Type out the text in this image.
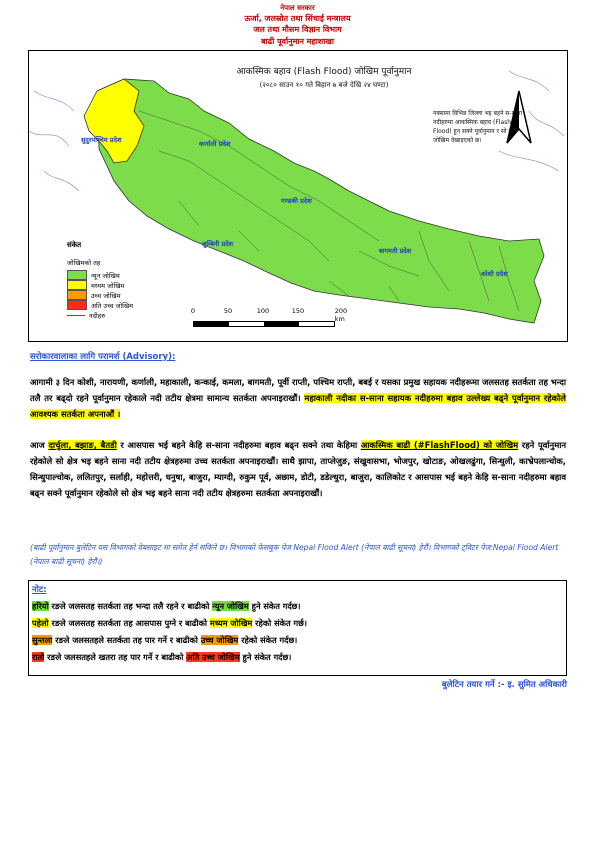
नेपाल सरकार
ऊर्जा, जलस्रोत तथा सिंचाई मन्त्रालय
जल तथा मौसम विज्ञान विभाग
बाढी पूर्वानुमान महाशाखा
आकस्मिक बहाव (Flash Flood) जोखिम पूर्वानुमान
(२०८० साउन १० गते बिहान ७ बजे देखि २४ घण्टा)
नक्सामा विभिन्न जिल्ला भइ बहने स-साना नदीहरुमा आकस्मिक बहाव (Flash Flood) हुन सक्ने पूर्वानुमान र सो को जोखिम देखाइएको छ।
सुदुरपश्चिम प्रदेश	कर्णाली प्रदेश
गण्डकी प्रदेश
लुम्बिनी प्रदेश
बागमती प्रदेश
कोशी प्रदेश
संकेत
जोखिमको तह
न्यून जोखिम
मध्यम जोखिम
उच्च जोखिम
अति उच्च जोखिम
नदीहरु
0	50	100	150	200 km
सरोकारवालाका लागि परामर्श (Advisory):
आगामी ३ दिन कोशी, नारायणी, कर्णाली, महाकाली, कन्काई, कमला, बागमती, पूर्वी राप्ती, पश्चिम राप्ती, बबई र यसका प्रमुख सहायक नदीहरूमा जलसतह सतर्कता तह भन्दा तलै तर बढ्दो रहने पूर्वानुमान रहेकाले नदी तटीय क्षेत्रमा सामान्य सतर्कता अपनाइराखौं। महाकाली नदीका स-साना सहायक नदीहरुमा बहाव उल्लेख्य बढ्ने पूर्वानुमान रहेकोले आवश्यक सतर्कता अपनाऔं ।
आज दार्चुला, बझाङ, बैतडी र आसपास भई बहने केहि स-साना नदीहरुमा बहाव बढ्न सक्ने तथा केहिमा आकस्मिक बाढी (#FlashFlood) को जोखिम रहने पूर्वानुमान रहेकोले सो क्षेत्र भइ बहने साना नदी तटीय क्षेत्रहरुमा उच्च सतर्कता अपनाइराखौं। साथै झापा, ताप्लेजुङ, संखुवासभा, भोजपुर, खोटाङ, ओखलढुंगा, सिन्धुली, काभ्रेपलान्चोक, सिन्धुपाल्चोक, ललितपुर, सर्लाही, महोत्तरी, धनुषा, बाजुरा, म्याग्दी, रुकुम पूर्व, अछाम, डोटी, डडेल्धुरा, बाजुरा, कालिकोट र आसपास भई बहने केहि स-साना नदीहरुमा बहाव बढ्न सक्ने पूर्वानुमान रहेकोले सो क्षेत्र भइ बहने साना नदी तटीय क्षेत्रहरुमा सतर्कता अपनाइराखौं।
(बाढी पूर्वानुमान बुलेटिन यस विभागको वेबसाइट मा समेत हेर्न सकिने छ। विभागको फेसबुक पेज Nepal Flood Alert (नेपाल बाढी सूचना) हेरौं। विभागको ट्विटर पेज:Nepal Flood Alert (नेपाल बाढी सूचना) हेरौं।)
नोट:
हरियो रङले जलसतह सतर्कता तह भन्दा तलै रहने र बाढीको न्यून जोखिम हुने संकेत गर्दछ।
पहेलो रङले जलसतह सतर्कता तह आसपास पुग्ने र बाढीको मध्यम जोखिम रहेको संकेत गर्छ।
सुन्तला रङले जलसतहले सतर्कता तह पार गर्ने र बाढीको उच्च जोखिम रहेको संकेत गर्दछ।
रातो रङले जलसतहले खतरा तह पार गर्ने र बाढीको अति उच्च जोखिम हुने संकेत गर्दछ।
बुलेटिन तयार गर्ने :- इ. सुमित अधिकारी
